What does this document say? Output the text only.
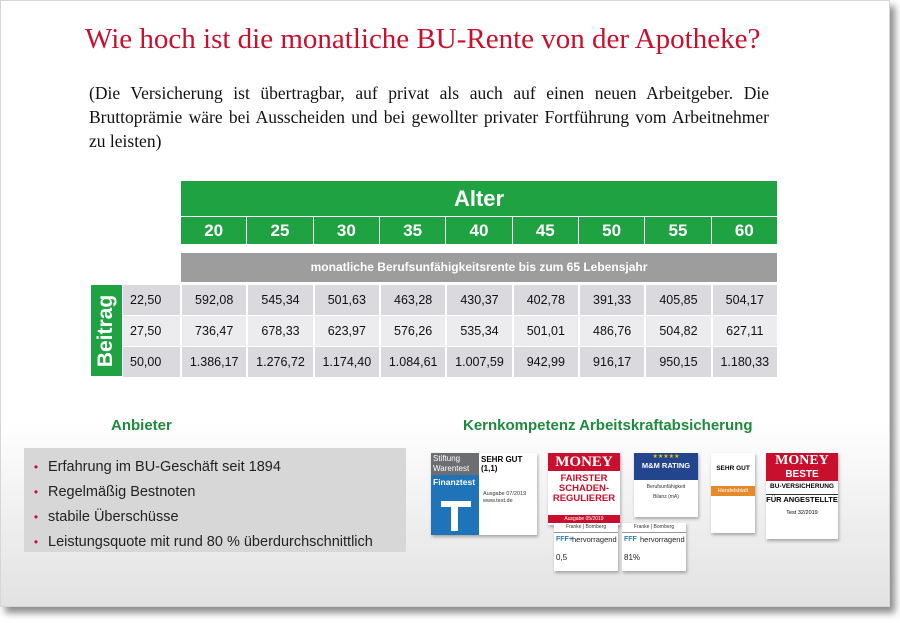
Wie hoch ist die monatliche BU-Rente von der Apotheke?
(Die Versicherung ist übertragbar, auf privat als auch auf einen neuen Arbeitgeber. Die Bruttoprämie wäre bei Ausscheiden und bei gewollter privater Fortführung vom Arbeitnehmer zu leisten)
Alter
20	25	30	35	40	45	50	55	60
monatliche Berufsunfähigkeitsrente bis zum 65 Lebensjahr
Beitrag 22,50	592,08	545,34	501,63	463,28	430,37	402,78	391,33	405,85	504,17
27,50	736,47	678,33	623,97	576,26	535,34	501,01	486,76	504,82	627,11
50,00	1.386,17	1.276,72	1.174,40	1.084,61	1.007,59	942,99	916,17	950,15	1.180,33
Anbieter	Kernkompetenz Arbeitskraftabsicherung
• Erfahrung im BU-Geschäft seit 1894
• Regelmäßig Bestnoten
• stabile Überschüsse
• Leistungsquote mit rund 80 % überdurchschnittlich
Stiftung Warentest
SEHR GUT (1,1)
Finanztest
Ausgabe 07/2019
www.test.de
MONEY
FAIRSTER SCHADEN-REGULIERER
Ausgabe 05/2019
★★★★★
M&M RATING
Berufsunfähigkeit
Bilanz (mA)
SEHR GUT
Handelsblatt
MONEY
BESTE
BU-VERSICHERUNG
FÜR ANGESTELLTE
Test 32/2019
Franke | Bornberg
FFF+ hervorragend
0,5
Franke | Bornberg
FFF hervorragend
81%
